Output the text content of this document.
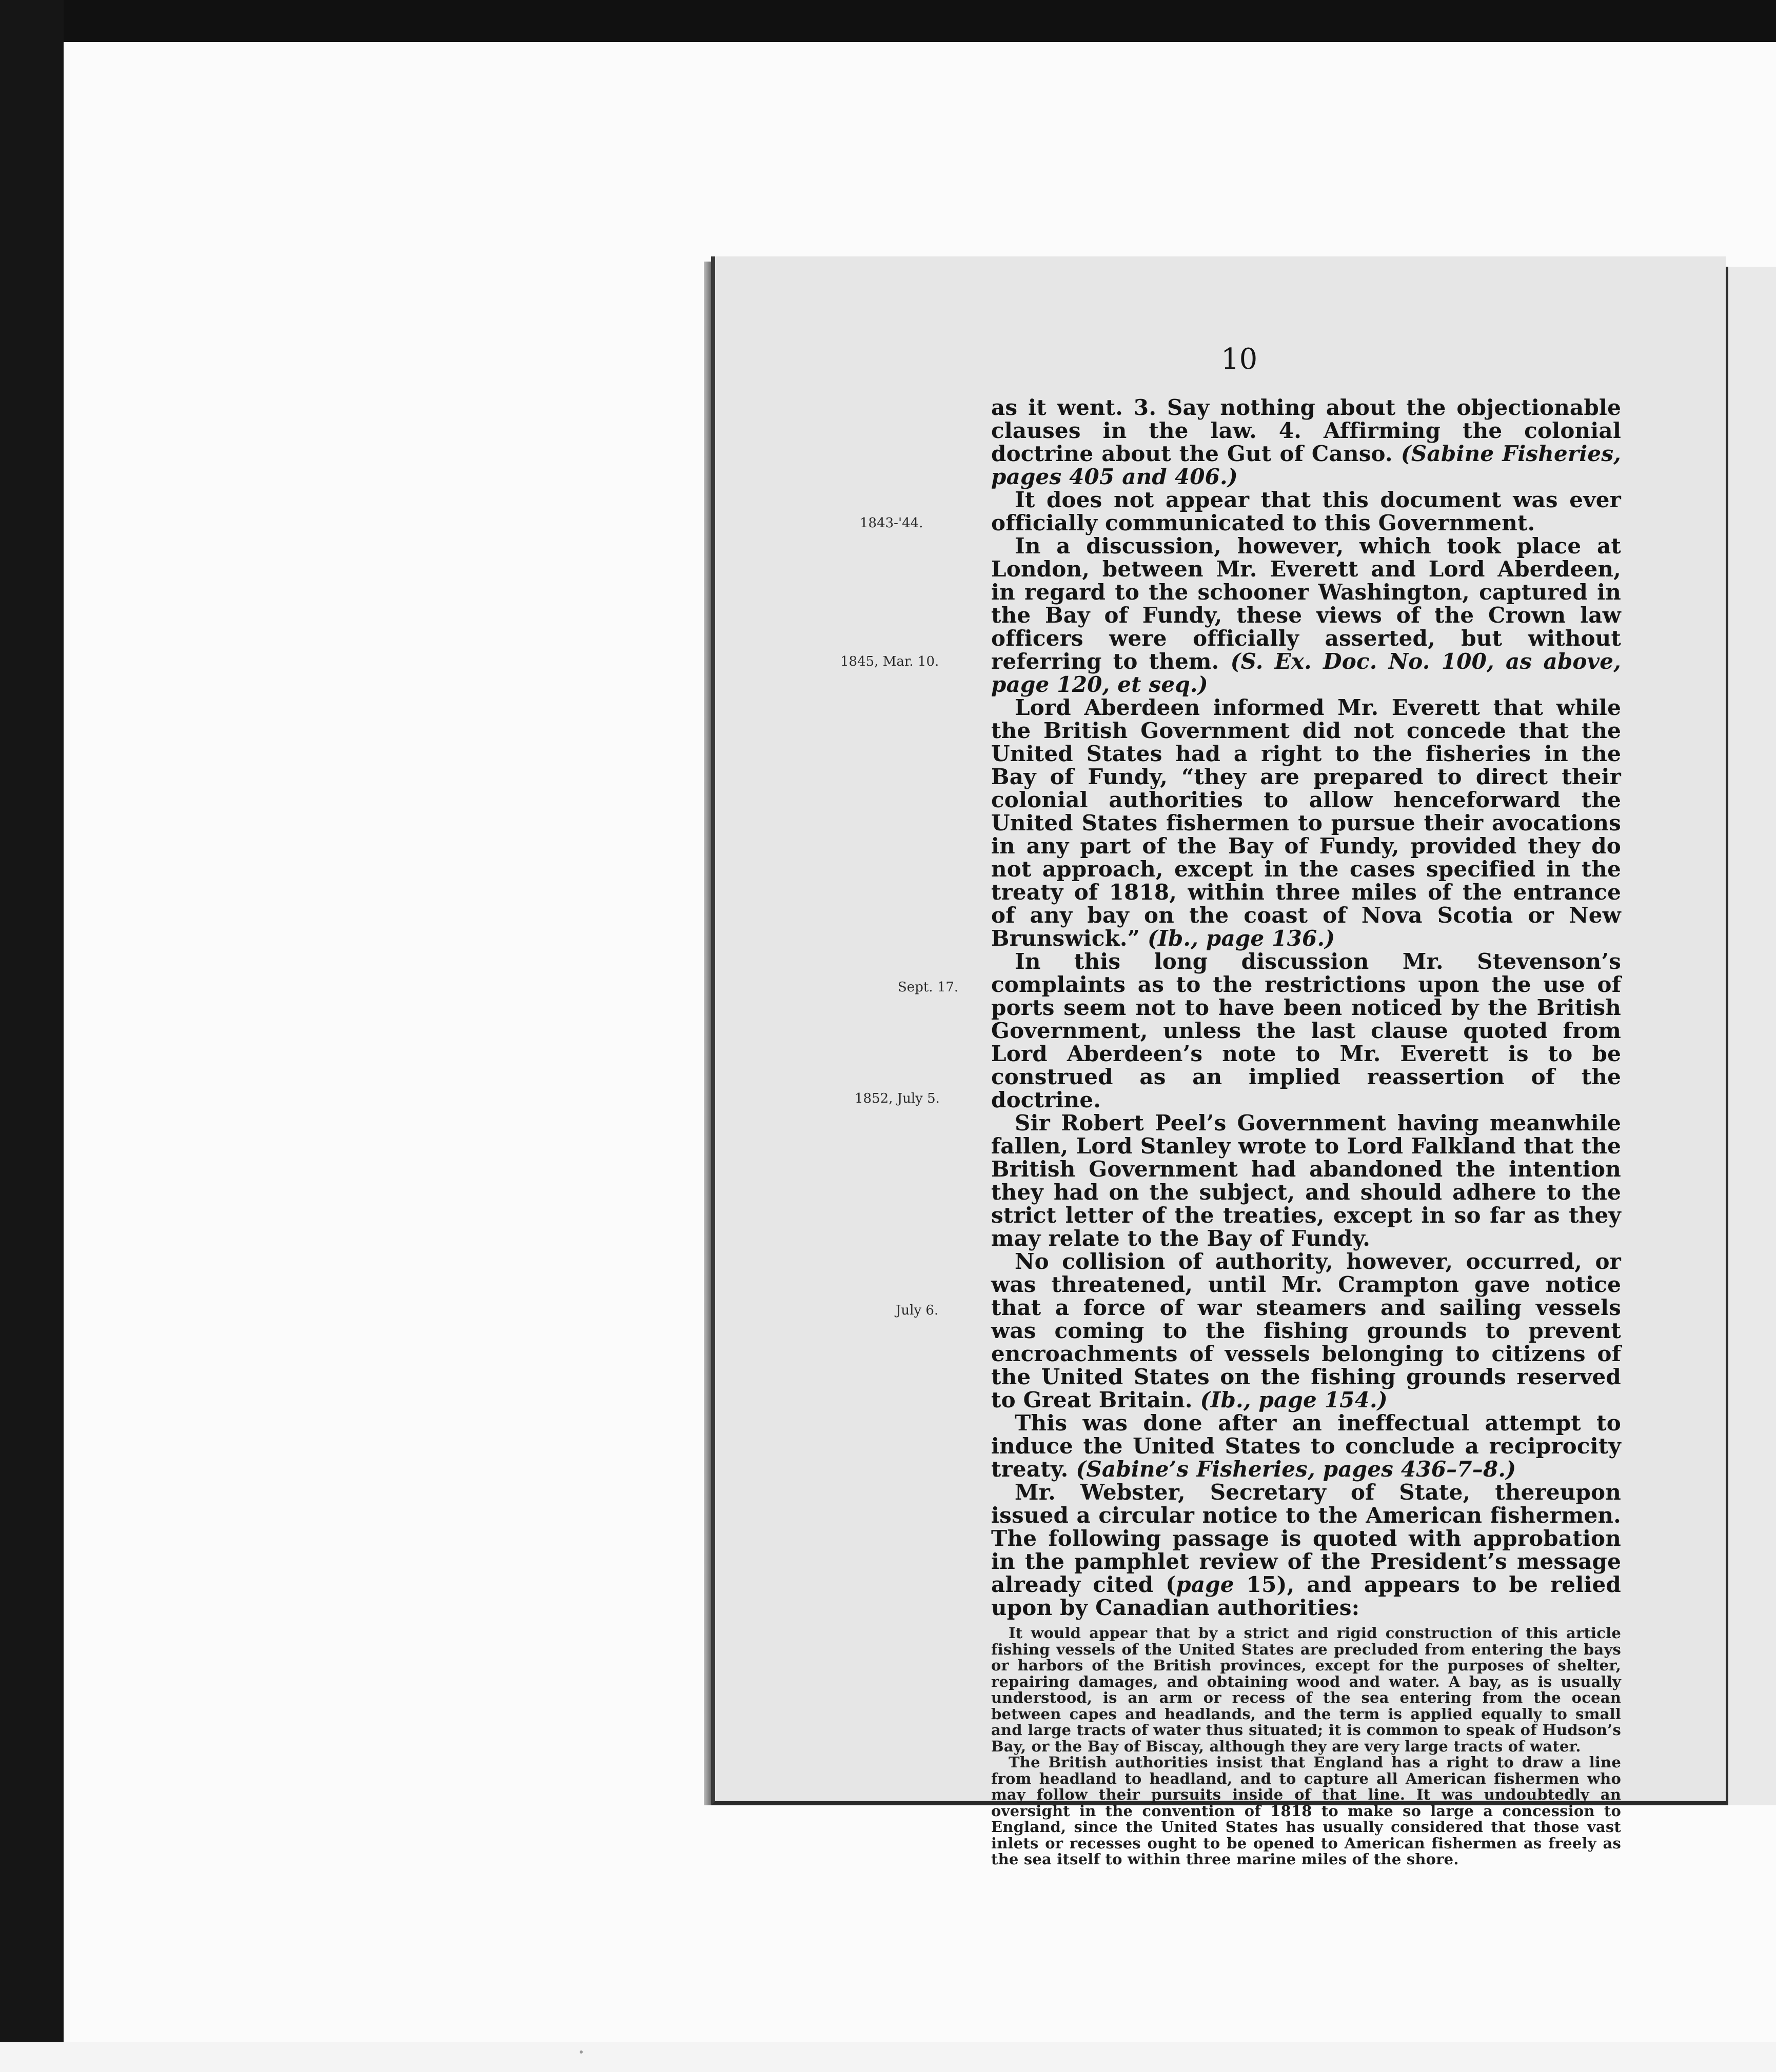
10
1843-'44.
1845, Mar. 10.
Sept. 17.
1852, July 5.
July 6.

as it went. 3. Say nothing about the objectionable clauses in the law. 4. Affirming the colonial doctrine about the Gut of Canso. (Sabine Fisheries, pages 405 and 406.)

It does not appear that this document was ever officially communicated to this Government.

In a discussion, however, which took place at London, between Mr. Everett and Lord Aberdeen, in regard to the schooner Washington, captured in the Bay of Fundy, these views of the Crown law officers were officially asserted, but without referring to them. (S. Ex. Doc. No. 100, as above, page 120, et seq.)

Lord Aberdeen informed Mr. Everett that while the British Government did not concede that the United States had a right to the fisheries in the Bay of Fundy, “they are prepared to direct their colonial authorities to allow henceforward the United States fishermen to pursue their avocations in any part of the Bay of Fundy, provided they do not approach, except in the cases specified in the treaty of 1818, within three miles of the entrance of any bay on the coast of Nova Scotia or New Brunswick.” (Ib., page 136.)

In this long discussion Mr. Stevenson’s complaints as to the restrictions upon the use of ports seem not to have been noticed by the British Government, unless the last clause quoted from Lord Aberdeen’s note to Mr. Everett is to be construed as an implied reassertion of the doctrine.

Sir Robert Peel’s Government having meanwhile fallen, Lord Stanley wrote to Lord Falkland that the British Government had abandoned the intention they had on the subject, and should adhere to the strict letter of the treaties, except in so far as they may relate to the Bay of Fundy.

No collision of authority, however, occurred, or was threatened, until Mr. Crampton gave notice that a force of war steamers and sailing vessels was coming to the fishing grounds to prevent encroachments of vessels belonging to citizens of the United States on the fishing grounds reserved to Great Britain. (Ib., page 154.)

This was done after an ineffectual attempt to induce the United States to conclude a reciprocity treaty. (Sabine’s Fisheries, pages 436–7–8.)

Mr. Webster, Secretary of State, thereupon issued a circular notice to the American fishermen. The following passage is quoted with approbation in the pamphlet review of the President’s message already cited (page 15), and appears to be relied upon by Canadian authorities:

It would appear that by a strict and rigid construction of this article fishing vessels of the United States are precluded from entering the bays or harbors of the British provinces, except for the purposes of shelter, repairing damages, and obtaining wood and water. A bay, as is usually understood, is an arm or recess of the sea entering from the ocean between capes and headlands, and the term is applied equally to small and large tracts of water thus situated; it is common to speak of Hudson’s Bay, or the Bay of Biscay, although they are very large tracts of water.

The British authorities insist that England has a right to draw a line from headland to headland, and to capture all American fishermen who may follow their pursuits inside of that line. It was undoubtedly an oversight in the convention of 1818 to make so large a concession to England, since the United States has usually considered that those vast inlets or recesses ought to be opened to American fishermen as freely as the sea itself to within three marine miles of the shore.
